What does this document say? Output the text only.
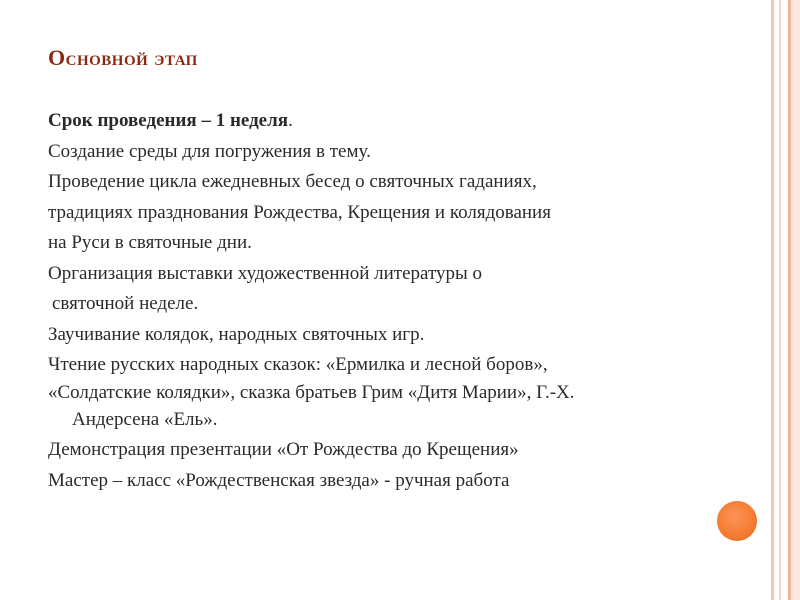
Основной этап
Срок проведения – 1 неделя.
Создание среды для погружения в тему.
Проведение цикла ежедневных бесед о святочных гаданиях,
традициях празднования Рождества, Крещения и колядования
на Руси в святочные дни.
Организация выставки художественной литературы о
святочной неделе.
Заучивание колядок, народных святочных игр.
Чтение русских народных сказок: «Ермилка и лесной боров»,
«Солдатские колядки», сказка братьев Грим «Дитя Марии», Г.-Х.
Андерсена «Ель».
Демонстрация презентации «От Рождества до Крещения»
Мастер – класс «Рождественская звезда» - ручная работа
